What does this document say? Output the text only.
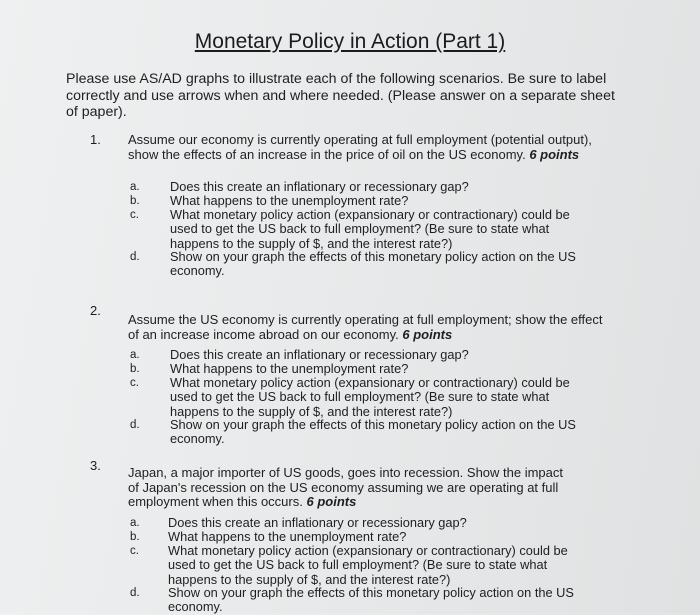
Monetary Policy in Action (Part 1)
Please use AS/AD graphs to illustrate each of the following scenarios. Be sure to label correctly and use arrows when and where needed. (Please answer on a separate sheet of paper).
1. Assume our economy is currently operating at full employment (potential output), show the effects of an increase in the price of oil on the US economy. 6 points
a. Does this create an inflationary or recessionary gap?
b. What happens to the unemployment rate?
c. What monetary policy action (expansionary or contractionary) could be used to get the US back to full employment? (Be sure to state what happens to the supply of $, and the interest rate?)
d. Show on your graph the effects of this monetary policy action on the US economy.
2.
Assume the US economy is currently operating at full employment; show the effect of an increase income abroad on our economy. 6 points
a. Does this create an inflationary or recessionary gap?
b. What happens to the unemployment rate?
c. What monetary policy action (expansionary or contractionary) could be used to get the US back to full employment? (Be sure to state what happens to the supply of $, and the interest rate?)
d. Show on your graph the effects of this monetary policy action on the US economy.
3. Japan, a major importer of US goods, goes into recession. Show the impact of Japan's recession on the US economy assuming we are operating at full employment when this occurs. 6 points
a. Does this create an inflationary or recessionary gap?
b. What happens to the unemployment rate?
c. What monetary policy action (expansionary or contractionary) could be used to get the US back to full employment? (Be sure to state what happens to the supply of $, and the interest rate?)
d. Show on your graph the effects of this monetary policy action on the US economy.
